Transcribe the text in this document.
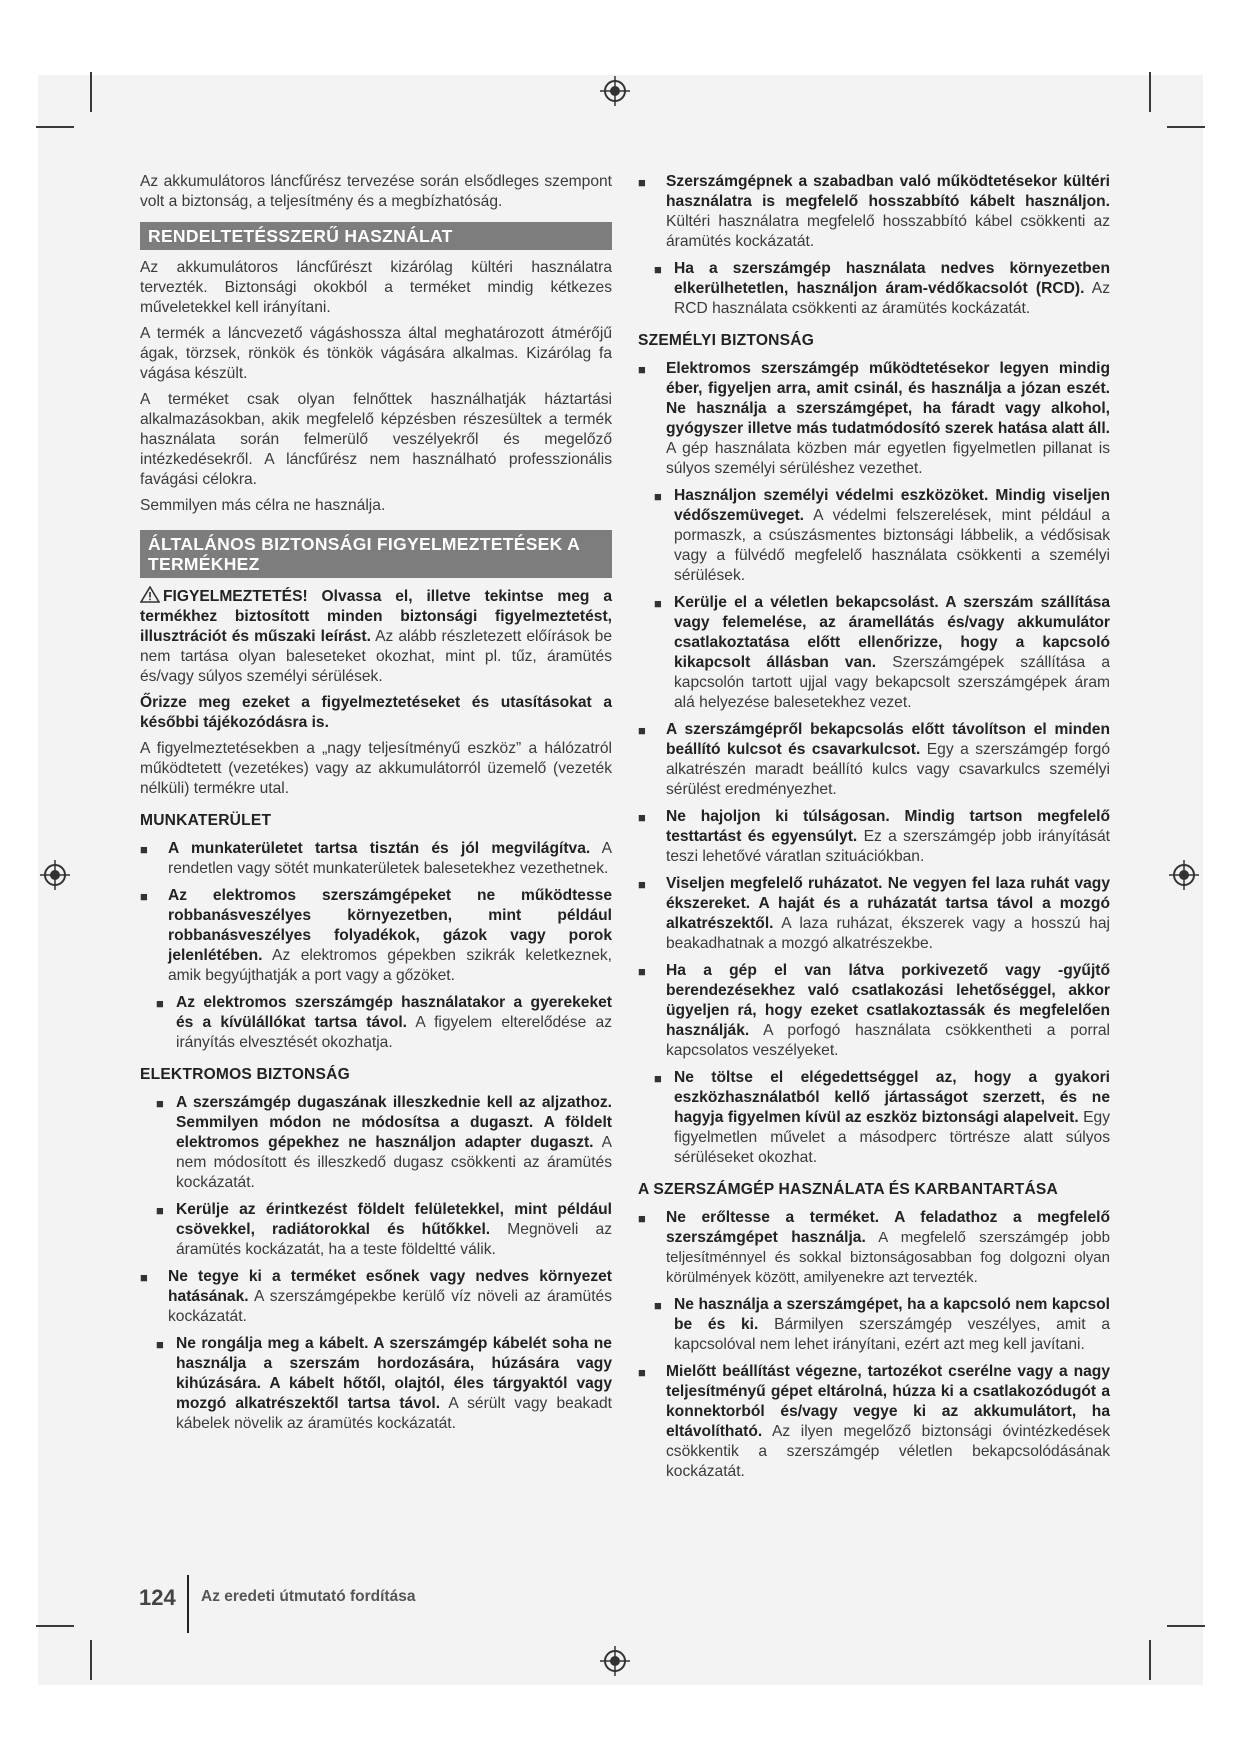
Az akkumulátoros láncfűrész tervezése során elsődleges szempont volt a biztonság, a teljesítmény és a megbízhatóság.

RENDELTETÉSSZERŰ HASZNÁLAT

Az akkumulátoros láncfűrészt kizárólag kültéri használatra tervezték. Biztonsági okokból a terméket mindig kétkezes műveletekkel kell irányítani.

A termék a láncvezető vágáshossza által meghatározott átmérőjű ágak, törzsek, rönkök és tönkök vágására alkalmas. Kizárólag fa vágása készült.

A terméket csak olyan felnőttek használhatják háztartási alkalmazásokban, akik megfelelő képzésben részesültek a termék használata során felmerülő veszélyekről és megelőző intézkedésekről. A láncfűrész nem használható professzionális favágási célokra.

Semmilyen más célra ne használja.

ÁLTALÁNOS BIZTONSÁGI FIGYELMEZTETÉSEK A TERMÉKHEZ

FIGYELMEZTETÉS! Olvassa el, illetve tekintse meg a termékhez biztosított minden biztonsági figyelmeztetést, illusztrációt és műszaki leírást. Az alább részletezett előírások be nem tartása olyan baleseteket okozhat, mint pl. tűz, áramütés és/vagy súlyos személyi sérülések.

Őrizze meg ezeket a figyelmeztetéseket és utasításokat a későbbi tájékozódásra is.

A figyelmeztetésekben a „nagy teljesítményű eszköz” a hálózatról működtetett (vezetékes) vagy az akkumulátorról üzemelő (vezeték nélküli) termékre utal.

MUNKATERÜLET
■ A munkaterületet tartsa tisztán és jól megvilágítva. A rendetlen vagy sötét munkaterületek balesetekhez vezethetnek.
■ Az elektromos szerszámgépeket ne működtesse robbanásveszélyes környezetben, mint például robbanásveszélyes folyadékok, gázok vagy porok jelenlétében. Az elektromos gépekben szikrák keletkeznek, amik begyújthatják a port vagy a gőzöket.
■ Az elektromos szerszámgép használatakor a gyerekeket és a kívülállókat tartsa távol. A figyelem elterelődése az irányítás elvesztését okozhatja.
ELEKTROMOS BIZTONSÁG
■ A szerszámgép dugaszának illeszkednie kell az aljzathoz. Semmilyen módon ne módosítsa a dugaszt. A földelt elektromos gépekhez ne használjon adapter dugaszt. A nem módosított és illeszkedő dugasz csökkenti az áramütés kockázatát.
■ Kerülje az érintkezést földelt felületekkel, mint például csövekkel, radiátorokkal és hűtőkkel. Megnöveli az áramütés kockázatát, ha a teste földeltté válik.
■ Ne tegye ki a terméket esőnek vagy nedves környezet hatásának. A szerszámgépekbe kerülő víz növeli az áramütés kockázatát.
■ Ne rongálja meg a kábelt. A szerszámgép kábelét soha ne használja a szerszám hordozására, húzására vagy kihúzására. A kábelt hőtől, olajtól, éles tárgyaktól vagy mozgó alkatrészektől tartsa távol. A sérült vagy beakadt kábelek növelik az áramütés kockázatát.
■ Szerszámgépnek a szabadban való működtetésekor kültéri használatra is megfelelő hosszabbító kábelt használjon. Kültéri használatra megfelelő hosszabbító kábel csökkenti az áramütés kockázatát.
■ Ha a szerszámgép használata nedves környezetben elkerülhetetlen, használjon áram-védőkacsolót (RCD). Az RCD használata csökkenti az áramütés kockázatát.
SZEMÉLYI BIZTONSÁG
■ Elektromos szerszámgép működtetésekor legyen mindig éber, figyeljen arra, amit csinál, és használja a józan eszét. Ne használja a szerszámgépet, ha fáradt vagy alkohol, gyógyszer illetve más tudatmódosító szerek hatása alatt áll. A gép használata közben már egyetlen figyelmetlen pillanat is súlyos személyi sérüléshez vezethet.
■ Használjon személyi védelmi eszközöket. Mindig viseljen védőszemüveget. A védelmi felszerelések, mint például a pormaszk, a csúszásmentes biztonsági lábbelik, a védősisak vagy a fülvédő megfelelő használata csökkenti a személyi sérülések.
■ Kerülje el a véletlen bekapcsolást. A szerszám szállítása vagy felemelése, az áramellátás és/vagy akkumulátor csatlakoztatása előtt ellenőrizze, hogy a kapcsoló kikapcsolt állásban van. Szerszámgépek szállítása a kapcsolón tartott ujjal vagy bekapcsolt szerszámgépek áram alá helyezése balesetekhez vezet.
■ A szerszámgépről bekapcsolás előtt távolítson el minden beállító kulcsot és csavarkulcsot. Egy a szerszámgép forgó alkatrészén maradt beállító kulcs vagy csavarkulcs személyi sérülést eredményezhet.
■ Ne hajoljon ki túlságosan. Mindig tartson megfelelő testtartást és egyensúlyt. Ez a szerszámgép jobb irányítását teszi lehetővé váratlan szituációkban.
■ Viseljen megfelelő ruházatot. Ne vegyen fel laza ruhát vagy ékszereket. A haját és a ruházatát tartsa távol a mozgó alkatrészektől. A laza ruházat, ékszerek vagy a hosszú haj beakadhatnak a mozgó alkatrészekbe.
■ Ha a gép el van látva porkivezető vagy -gyűjtő berendezésekhez való csatlakozási lehetőséggel, akkor ügyeljen rá, hogy ezeket csatlakoztassák és megfelelően használják. A porfogó használata csökkentheti a porral kapcsolatos veszélyeket.
■ Ne töltse el elégedettséggel az, hogy a gyakori eszközhasználatból kellő jártasságot szerzett, és ne hagyja figyelmen kívül az eszköz biztonsági alapelveit. Egy figyelmetlen művelet a másodperc törtrésze alatt súlyos sérüléseket okozhat.
A SZERSZÁMGÉP HASZNÁLATA ÉS KARBANTARTÁSA
■ Ne erőltesse a terméket. A feladathoz a megfelelő szerszámgépet használja. A megfelelő szerszámgép jobb teljesítménnyel és sokkal biztonságosabban fog dolgozni olyan körülmények között, amilyenekre azt tervezték.
■ Ne használja a szerszámgépet, ha a kapcsoló nem kapcsol be és ki. Bármilyen szerszámgép veszélyes, amit a kapcsolóval nem lehet irányítani, ezért azt meg kell javítani.
■ Mielőtt beállítást végezne, tartozékot cserélne vagy a nagy teljesítményű gépet eltárolná, húzza ki a csatlakozódugót a konnektorból és/vagy vegye ki az akkumulátort, ha eltávolítható. Az ilyen megelőző biztonsági óvintézkedések csökkentik a szerszámgép véletlen bekapcsolódásának kockázatát.
124 Az eredeti útmutató fordítása
